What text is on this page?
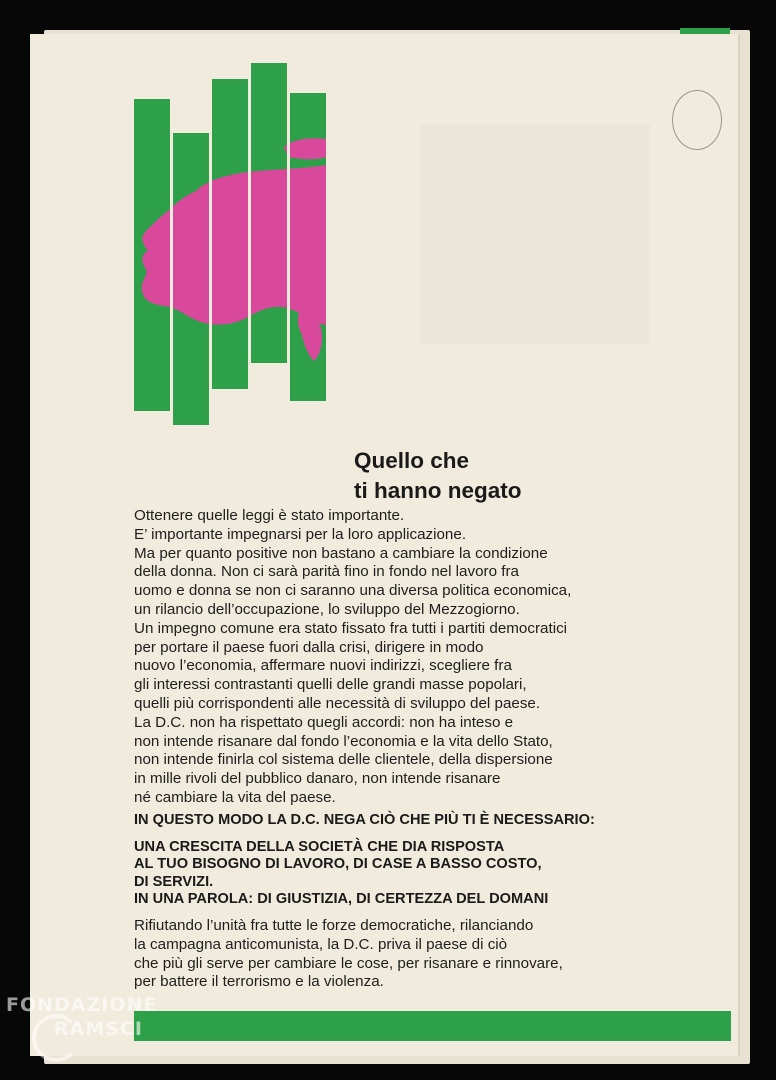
Quello che
ti hanno negato
Ottenere quelle leggi è stato importante.
E’ importante impegnarsi per la loro applicazione.
Ma per quanto positive non bastano a cambiare la condizione
della donna. Non ci sarà parità fino in fondo nel lavoro fra
uomo e donna se non ci saranno una diversa politica economica,
un rilancio dell’occupazione, lo sviluppo del Mezzogiorno.
Un impegno comune era stato fissato fra tutti i partiti democratici
per portare il paese fuori dalla crisi, dirigere in modo
nuovo l’economia, affermare nuovi indirizzi, scegliere fra
gli interessi contrastanti quelli delle grandi masse popolari,
quelli più corrispondenti alle necessità di sviluppo del paese.
La D.C. non ha rispettato quegli accordi: non ha inteso e
non intende risanare dal fondo l’economia e la vita dello Stato,
non intende finirla col sistema delle clientele, della dispersione
in mille rivoli del pubblico danaro, non intende risanare
né cambiare la vita del paese.
IN QUESTO MODO LA D.C. NEGA CIÒ CHE PIÙ TI È NECESSARIO:
UNA CRESCITA DELLA SOCIETÀ CHE DIA RISPOSTA
AL TUO BISOGNO DI LAVORO, DI CASE A BASSO COSTO,
DI SERVIZI.
IN UNA PAROLA: DI GIUSTIZIA, DI CERTEZZA DEL DOMANI
Rifiutando l’unità fra tutte le forze democratiche, rilanciando
la campagna anticomunista, la D.C. priva il paese di ciò
che più gli serve per cambiare le cose, per risanare e rinnovare,
per battere il terrorismo e la violenza.
FONDAZIONE
RAMSCI
